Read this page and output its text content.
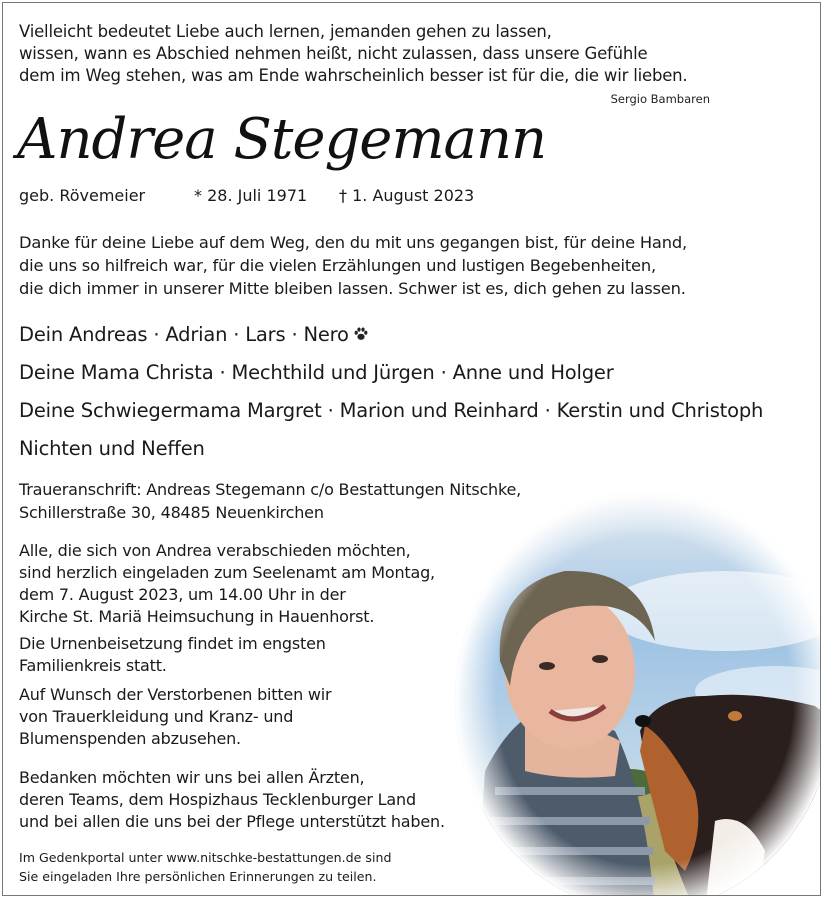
Vielleicht bedeutet Liebe auch lernen, jemanden gehen zu lassen,
wissen, wann es Abschied nehmen heißt, nicht zulassen, dass unsere Gefühle
dem im Weg stehen, was am Ende wahrscheinlich besser ist für die, die wir lieben.
Sergio Bambaren
Andrea Stegemann
geb. Rövemeier	* 28. Juli 1971 † 1. August 2023
Danke für deine Liebe auf dem Weg, den du mit uns gegangen bist, für deine Hand,
die uns so hilfreich war, für die vielen Erzählungen und lustigen Begebenheiten,
die dich immer in unserer Mitte bleiben lassen. Schwer ist es, dich gehen zu lassen.
Dein Andreas · Adrian · Lars · Nero
Deine Mama Christa · Mechthild und Jürgen · Anne und Holger
Deine Schwiegermama Margret · Marion und Reinhard · Kerstin und Christoph
Nichten und Neffen
Traueranschrift: Andreas Stegemann c/o Bestattungen Nitschke,
Schillerstraße 30, 48485 Neuenkirchen
Alle, die sich von Andrea verabschieden möchten,
sind herzlich eingeladen zum Seelenamt am Montag,
dem 7. August 2023, um 14.00 Uhr in der
Kirche St. Mariä Heimsuchung in Hauenhorst.
Die Urnenbeisetzung findet im engsten
Familienkreis statt.
Auf Wunsch der Verstorbenen bitten wir
von Trauerkleidung und Kranz- und
Blumenspenden abzusehen.
Bedanken möchten wir uns bei allen Ärzten,
deren Teams, dem Hospizhaus Tecklenburger Land
und bei allen die uns bei der Pflege unterstützt haben.
Im Gedenkportal unter www.nitschke-bestattungen.de sind
Sie eingeladen Ihre persönlichen Erinnerungen zu teilen.
